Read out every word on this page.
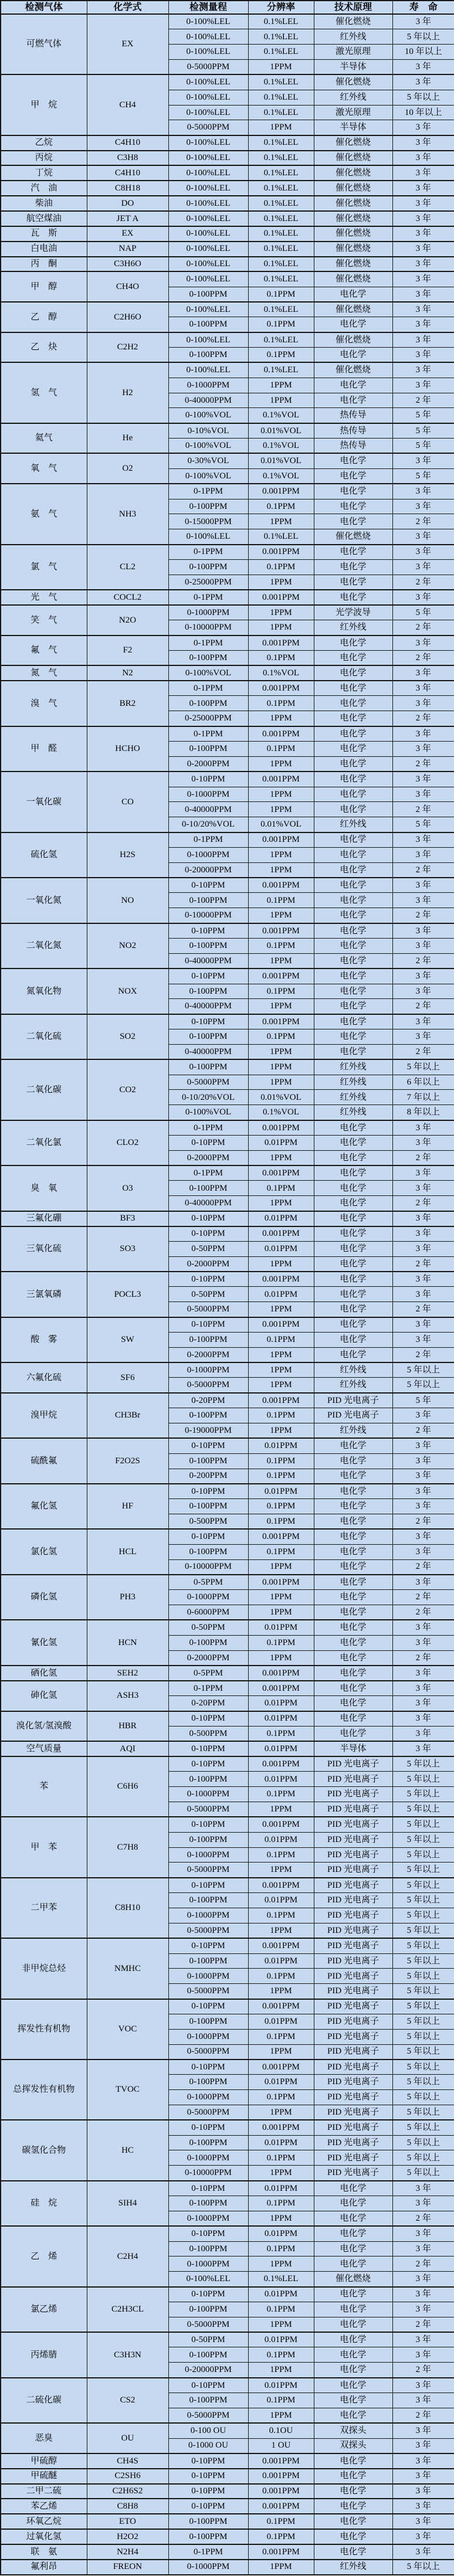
检测气体	化学式	检测量程	分辨率	技术原理	寿　命
可燃气体	EX	0-100%LEL	0.1%LEL	催化燃烧	3 年
		0-100%LEL	0.1%LEL	红外线	5 年以上
		0-100%LEL	0.1%LEL	激光原理	10 年以上
		0-5000PPM	1PPM	半导体	3 年
甲　烷	CH4	0-100%LEL	0.1%LEL	催化燃烧	3 年
		0-100%LEL	0.1%LEL	红外线	5 年以上
		0-100%LEL	0.1%LEL	激光原理	10 年以上
		0-5000PPM	1PPM	半导体	3 年
乙烷	C4H10	0-100%LEL	0.1%LEL	催化燃烧	3 年
丙烷	C3H8	0-100%LEL	0.1%LEL	催化燃烧	3 年
丁烷	C4H10	0-100%LEL	0.1%LEL	催化燃烧	3 年
汽　油	C8H18	0-100%LEL	0.1%LEL	催化燃烧	3 年
柴油	DO	0-100%LEL	0.1%LEL	催化燃烧	3 年
航空煤油	JET A	0-100%LEL	0.1%LEL	催化燃烧	3 年
瓦　斯	EX	0-100%LEL	0.1%LEL	催化燃烧	3 年
白电油	NAP	0-100%LEL	0.1%LEL	催化燃烧	3 年
丙　酮	C3H6O	0-100%LEL	0.1%LEL	催化燃烧	3 年
甲　醇	CH4O	0-100%LEL	0.1%LEL	催化燃烧	3 年
		0-100PPM	0.1PPM	电化学	3 年
乙　醇	C2H6O	0-100%LEL	0.1%LEL	催化燃烧	3 年
		0-100PPM	0.1PPM	电化学	3 年
乙　炔	C2H2	0-100%LEL	0.1%LEL	催化燃烧	3 年
		0-100PPM	0.1PPM	电化学	3 年
氢　气	H2	0-100%LEL	0.1%LEL	催化燃烧	3 年
		0-1000PPM	1PPM	电化学	3 年
		0-40000PPM	1PPM	电化学	2 年
		0-100%VOL	0.1%VOL	热传导	5 年
氦气	He	0-10%VOL	0.01%VOL	热传导	5 年
		0-100%VOL	0.1%VOL	热传导	5 年
氧　气	O2	0-30%VOL	0.01%VOL	电化学	3 年
		0-100%VOL	0.1%VOL	电化学	5 年
氨　气	NH3	0-1PPM	0.001PPM	电化学	3 年
		0-100PPM	0.1PPM	电化学	3 年
		0-15000PPM	1PPM	电化学	2 年
		0-100%LEL	0.1%LEL	催化燃烧	3 年
氯　气	CL2	0-1PPM	0.001PPM	电化学	3 年
		0-100PPM	0.1PPM	电化学	3 年
		0-25000PPM	1PPM	电化学	2 年
光　气	COCL2	0-1PPM	0.001PPM	电化学	3 年
笑　气	N2O	0-1000PPM	1PPM	光学波导	5 年
		0-10000PPM	1PPM	红外线	2 年
氟　气	F2	0-1PPM	0.001PPM	电化学	3 年
		0-100PPM	0.1PPM	电化学	2 年
氮　气	N2	0-100%VOL	0.1%VOL	电化学	3 年
溴　气	BR2	0-1PPM	0.001PPM	电化学	3 年
		0-100PPM	0.1PPM	电化学	3 年
		0-25000PPM	1PPM	电化学	2 年
甲　醛	HCHO	0-1PPM	0.001PPM	电化学	3 年
		0-100PPM	0.1PPM	电化学	3 年
		0-2000PPM	1PPM	电化学	2 年
一氧化碳	CO	0-10PPM	0.001PPM	电化学	3 年
		0-1000PPM	1PPM	电化学	3 年
		0-40000PPM	1PPM	电化学	2 年
		0-10/20%VOL	0.01%VOL	红外线	5 年
硫化氢	H2S	0-1PPM	0.001PPM	电化学	3 年
		0-1000PPM	1PPM	电化学	3 年
		0-20000PPM	1PPM	电化学	2 年
一氧化氮	NO	0-10PPM	0.001PPM	电化学	3 年
		0-100PPM	0.1PPM	电化学	3 年
		0-10000PPM	1PPM	电化学	2 年
二氧化氮	NO2	0-10PPM	0.001PPM	电化学	3 年
		0-100PPM	0.1PPM	电化学	3 年
		0-40000PPM	1PPM	电化学	2 年
氮氧化物	NOX	0-10PPM	0.001PPM	电化学	3 年
		0-100PPM	0.1PPM	电化学	3 年
		0-40000PPM	1PPM	电化学	2 年
二氧化硫	SO2	0-10PPM	0.001PPM	电化学	3 年
		0-100PPM	0.1PPM	电化学	3 年
		0-40000PPM	1PPM	电化学	2 年
二氧化碳	CO2	0-100PPM	1PPM	红外线	5 年以上
		0-5000PPM	1PPM	红外线	6 年以上
		0-10/20%VOL	0.01%VOL	红外线	7 年以上
		0-100%VOL	0.1%VOL	红外线	8 年以上
二氧化氯	CLO2	0-1PPM	0.001PPM	电化学	3 年
		0-10PPM	0.01PPM	电化学	3 年
		0-2000PPM	1PPM	电化学	2 年
臭　氧	O3	0-1PPM	0.001PPM	电化学	3 年
		0-100PPM	0.1PPM	电化学	3 年
		0-40000PPM	1PPM	电化学	2 年
三氟化硼	BF3	0-10PPM	0.01PPM	电化学	3 年
三氧化硫	SO3	0-10PPM	0.001PPM	电化学	3 年
		0-50PPM	0.01PPM	电化学	3 年
		0-2000PPM	1PPM	电化学	2 年
三氯氧磷	POCL3	0-10PPM	0.001PPM	电化学	3 年
		0-50PPM	0.01PPM	电化学	3 年
		0-5000PPM	1PPM	电化学	2 年
酸　雾	SW	0-10PPM	0.001PPM	电化学	3 年
		0-100PPM	0.1PPM	电化学	3 年
		0-2000PPM	1PPM	电化学	2 年
六氟化硫	SF6	0-1000PPM	1PPM	红外线	5 年以上
		0-5000PPM	1PPM	红外线	5 年以上
溴甲烷	CH3Br	0-20PPM	0.001PPM	PID 光电离子	5 年
		0-100PPM	0.1PPM	PID 光电离子	3 年
		0-19000PPM	1PPM	红外线	2 年
硫酰氟	F2O2S	0-10PPM	0.01PPM	电化学	3 年
		0-100PPM	0.1PPM	电化学	3 年
		0-200PPM	0.1PPM	电化学	3 年
氟化氢	HF	0-10PPM	0.01PPM	电化学	3 年
		0-100PPM	0.1PPM	电化学	3 年
		0-500PPM	0.1PPM	电化学	2 年
氯化氢	HCL	0-10PPM	0.001PPM	电化学	3 年
		0-100PPM	0.1PPM	电化学	3 年
		0-10000PPM	1PPM	电化学	2 年
磷化氢	PH3	0-5PPM	0.001PPM	电化学	3 年
		0-1000PPM	1PPM	电化学	2 年
		0-6000PPM	1PPM	电化学	2 年
氰化氢	HCN	0-50PPM	0.01PPM	电化学	3 年
		0-100PPM	0.1PPM	电化学	3 年
		0-2000PPM	1PPM	电化学	2 年
硒化氢	SEH2	0-5PPM	0.001PPM	电化学	3 年
砷化氢	ASH3	0-1PPM	0.001PPM	电化学	3 年
		0-20PPM	0.01PPM	电化学	3 年
溴化氢/氢溴酸	HBR	0-10PPM	0.01PPM	电化学	3 年
		0-500PPM	0.1PPM	电化学	3 年
空气质量	AQI	0-10PPM	0.01PPM	半导体	3 年
苯	C6H6	0-10PPM	0.001PPM	PID 光电离子	5 年以上
		0-100PPM	0.01PPM	PID 光电离子	5 年以上
		0-1000PPM	0.1PPM	PID 光电离子	5 年以上
		0-5000PPM	1PPM	PID 光电离子	5 年以上
甲　苯	C7H8	0-10PPM	0.001PPM	PID 光电离子	5 年以上
		0-100PPM	0.01PPM	PID 光电离子	5 年以上
		0-1000PPM	0.1PPM	PID 光电离子	5 年以上
		0-5000PPM	1PPM	PID 光电离子	5 年以上
二甲苯	C8H10	0-10PPM	0.001PPM	PID 光电离子	5 年以上
		0-100PPM	0.01PPM	PID 光电离子	5 年以上
		0-1000PPM	0.1PPM	PID 光电离子	5 年以上
		0-5000PPM	1PPM	PID 光电离子	5 年以上
非甲烷总烃	NMHC	0-10PPM	0.001PPM	PID 光电离子	5 年以上
		0-100PPM	0.01PPM	PID 光电离子	5 年以上
		0-1000PPM	0.1PPM	PID 光电离子	5 年以上
		0-5000PPM	1PPM	PID 光电离子	5 年以上
挥发性有机物	VOC	0-10PPM	0.001PPM	PID 光电离子	5 年以上
		0-100PPM	0.01PPM	PID 光电离子	5 年以上
		0-1000PPM	0.1PPM	PID 光电离子	5 年以上
		0-5000PPM	1PPM	PID 光电离子	5 年以上
总挥发性有机物	TVOC	0-10PPM	0.001PPM	PID 光电离子	5 年以上
		0-100PPM	0.01PPM	PID 光电离子	5 年以上
		0-1000PPM	0.1PPM	PID 光电离子	5 年以上
		0-5000PPM	1PPM	PID 光电离子	5 年以上
碳氢化合物	HC	0-10PPM	0.001PPM	PID 光电离子	5 年以上
		0-100PPM	0.01PPM	PID 光电离子	5 年以上
		0-1000PPM	0.1PPM	PID 光电离子	5 年以上
		0-10000PPM	1PPM	PID 光电离子	5 年以上
硅　烷	SIH4	0-10PPM	0.01PPM	电化学	3 年
		0-100PPM	0.1PPM	电化学	3 年
		0-1000PPM	1PPM	电化学	2 年
乙　烯	C2H4	0-10PPM	0.01PPM	电化学	3 年
		0-100PPM	0.1PPM	电化学	3 年
		0-1000PPM	1PPM	电化学	2 年
		0-100%LEL	0.1%LEL	催化燃烧	3 年
氯乙烯	C2H3CL	0-10PPM	0.01PPM	电化学	3 年
		0-100PPM	0.1PPM	电化学	3 年
		0-5000PPM	1PPM	电化学	2 年
丙烯腈	C3H3N	0-50PPM	0.01PPM	电化学	3 年
		0-100PPM	0.1PPM	电化学	3 年
		0-20000PPM	1PPM	电化学	2 年
二硫化碳	CS2	0-10PPM	0.01PPM	电化学	3 年
		0-100PPM	0.1PPM	电化学	3 年
		0-5000PPM	1PPM	电化学	2 年
恶臭	OU	0-100 OU	0.1OU	双探头	3 年
		0-1000 OU	1 OU	双探头	3 年
甲硫醇	CH4S	0-10PPM	0.001PPM	电化学	3 年
甲硫醚	C2SH6	0-10PPM	0.001PPM	电化学	3 年
二甲二硫	C2H6S2	0-10PPM	0.001PPM	电化学	3 年
苯乙烯	C8H8	0-10PPM	0.001PPM	电化学	3 年
环氧乙烷	ETO	0-100PPM	0.1PPM	电化学	3 年
过氧化氢	H2O2	0-100PPM	0.1PPM	电化学	3 年
联　氨	N2H4	0-1PPM	0.001PPM	电化学	3 年
氟利昂	FREON	0-1000PPM	1PPM	红外线	5 年以上
